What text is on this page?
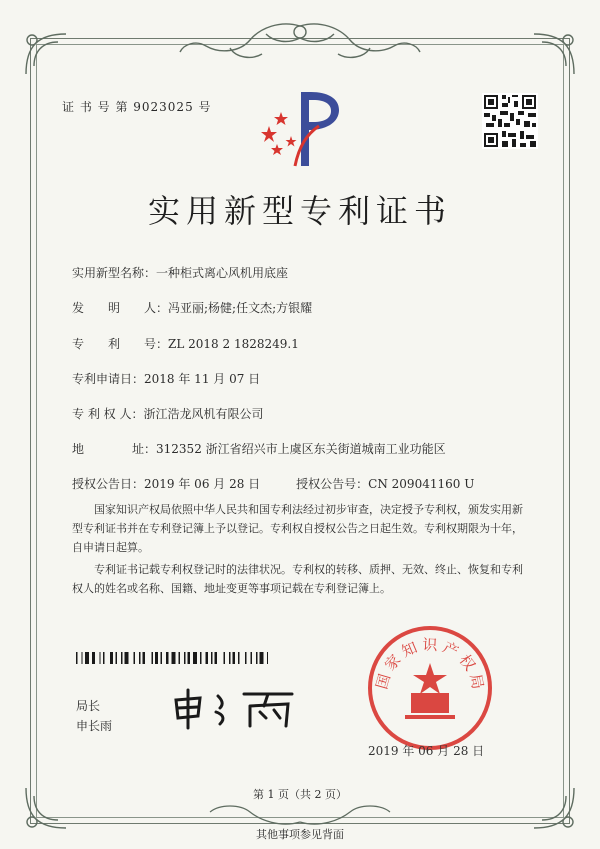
证 书 号 第 9023025 号
实用新型专利证书
实用新型名称：一种柜式离心风机用底座
发　　明　　人：冯亚丽;杨健;任文杰;方银耀
专　　利　　号：ZL 2018 2 1828249.1
专利申请日：2018 年 11 月 07 日
专 利 权 人：浙江浩龙风机有限公司
地　　　　址：312352 浙江省绍兴市上虞区东关街道城南工业功能区
授权公告日：2019 年 06 月 28 日　　　授权公告号：CN 209041160 U
国家知识产权局依照中华人民共和国专利法经过初步审查，决定授予专利权，颁发实用新型专利证书并在专利登记簿上予以登记。专利权自授权公告之日起生效。专利权期限为十年，自申请日起算。
专利证书记载专利权登记时的法律状况。专利权的转移、质押、无效、终止、恢复和专利权人的姓名或名称、国籍、地址变更等事项记载在专利登记簿上。
局长
申长雨
国家知识产权局
2019 年 06 月 28 日
第 1 页（共 2 页）
其他事项参见背面
